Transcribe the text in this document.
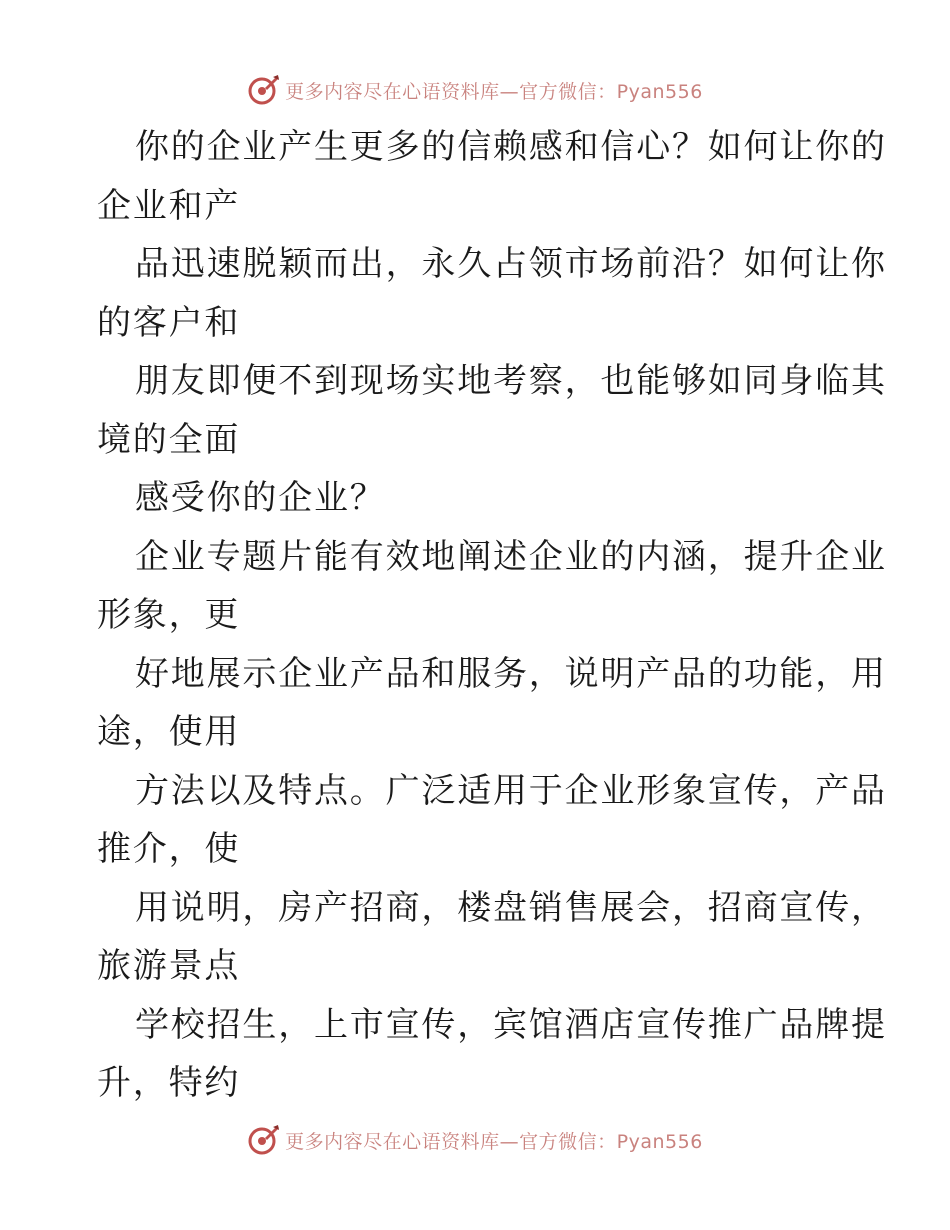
更多内容尽在心语资料库—官方微信：Pyan556
你的企业产生更多的信赖感和信心？如何让你的
企业和产
品迅速脱颖而出，永久占领市场前沿？如何让你
的客户和
朋友即便不到现场实地考察，也能够如同身临其
境的全面
感受你的企业？
企业专题片能有效地阐述企业的内涵，提升企业
形象，更
好地展示企业产品和服务，说明产品的功能，用
途，使用
方法以及特点。广泛适用于企业形象宣传，产品
推介，使
用说明，房产招商，楼盘销售展会，招商宣传，
旅游景点
学校招生，上市宣传，宾馆酒店宣传推广品牌提
升，特约
更多内容尽在心语资料库—官方微信：Pyan556
